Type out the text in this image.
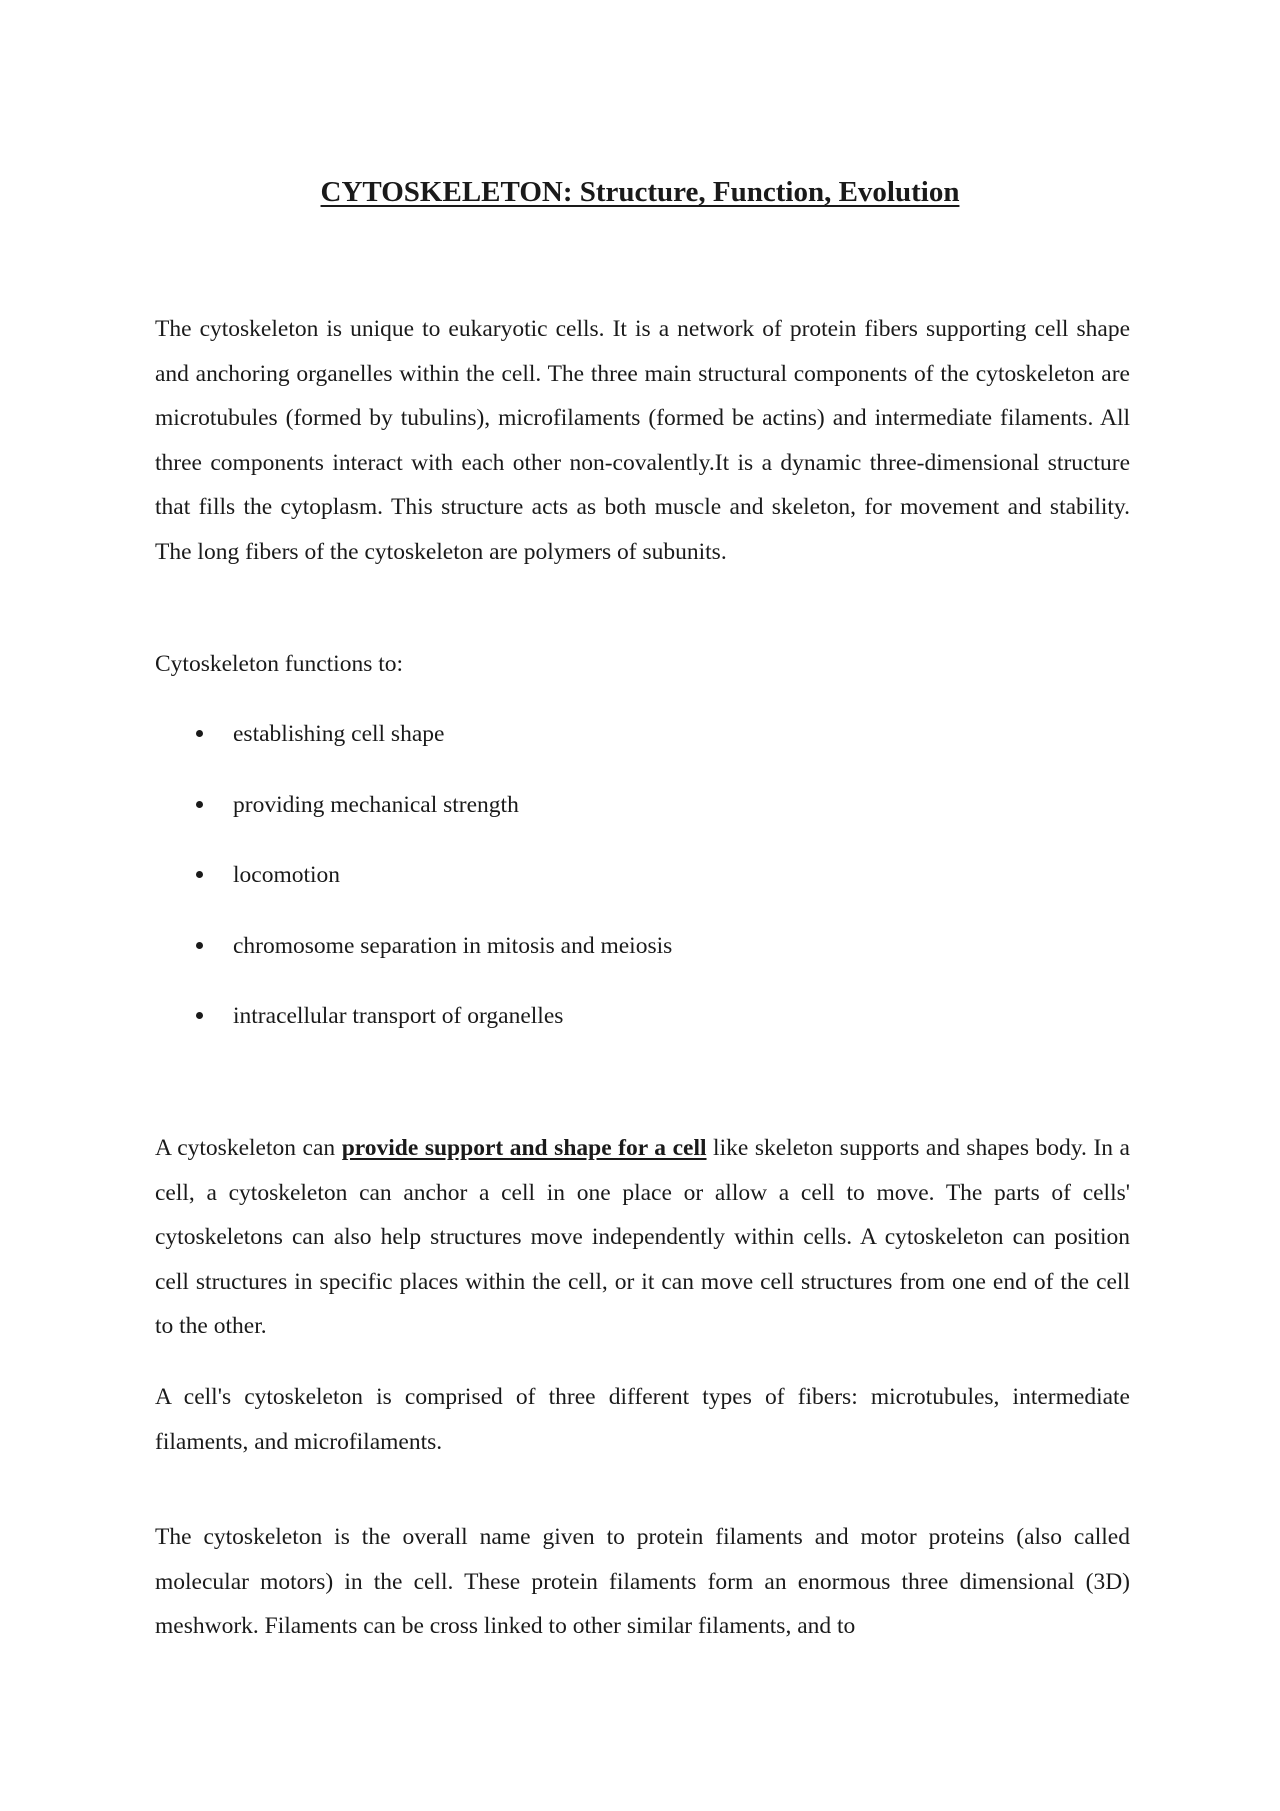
CYTOSKELETON: Structure, Function, Evolution

The cytoskeleton is unique to eukaryotic cells. It is a network of protein fibers supporting cell shape and anchoring organelles within the cell. The three main structural components of the cytoskeleton are microtubules (formed by tubulins), microfilaments (formed be actins) and intermediate filaments. All three components interact with each other non-covalently.It is a dynamic three-dimensional structure that fills the cytoplasm. This structure acts as both muscle and skeleton, for movement and stability. The long fibers of the cytoskeleton are polymers of subunits.

Cytoskeleton functions to:

establishing cell shape
providing mechanical strength
locomotion
chromosome separation in mitosis and meiosis
intracellular transport of organelles

A cytoskeleton can provide support and shape for a cell like skeleton supports and shapes body. In a cell, a cytoskeleton can anchor a cell in one place or allow a cell to move. The parts of cells' cytoskeletons can also help structures move independently within cells. A cytoskeleton can position cell structures in specific places within the cell, or it can move cell structures from one end of the cell to the other.

A cell's cytoskeleton is comprised of three different types of fibers: microtubules, intermediate filaments, and microfilaments.

The cytoskeleton is the overall name given to protein filaments and motor proteins (also called molecular motors) in the cell. These protein filaments form an enormous three dimensional (3D) meshwork. Filaments can be cross linked to other similar filaments, and to
